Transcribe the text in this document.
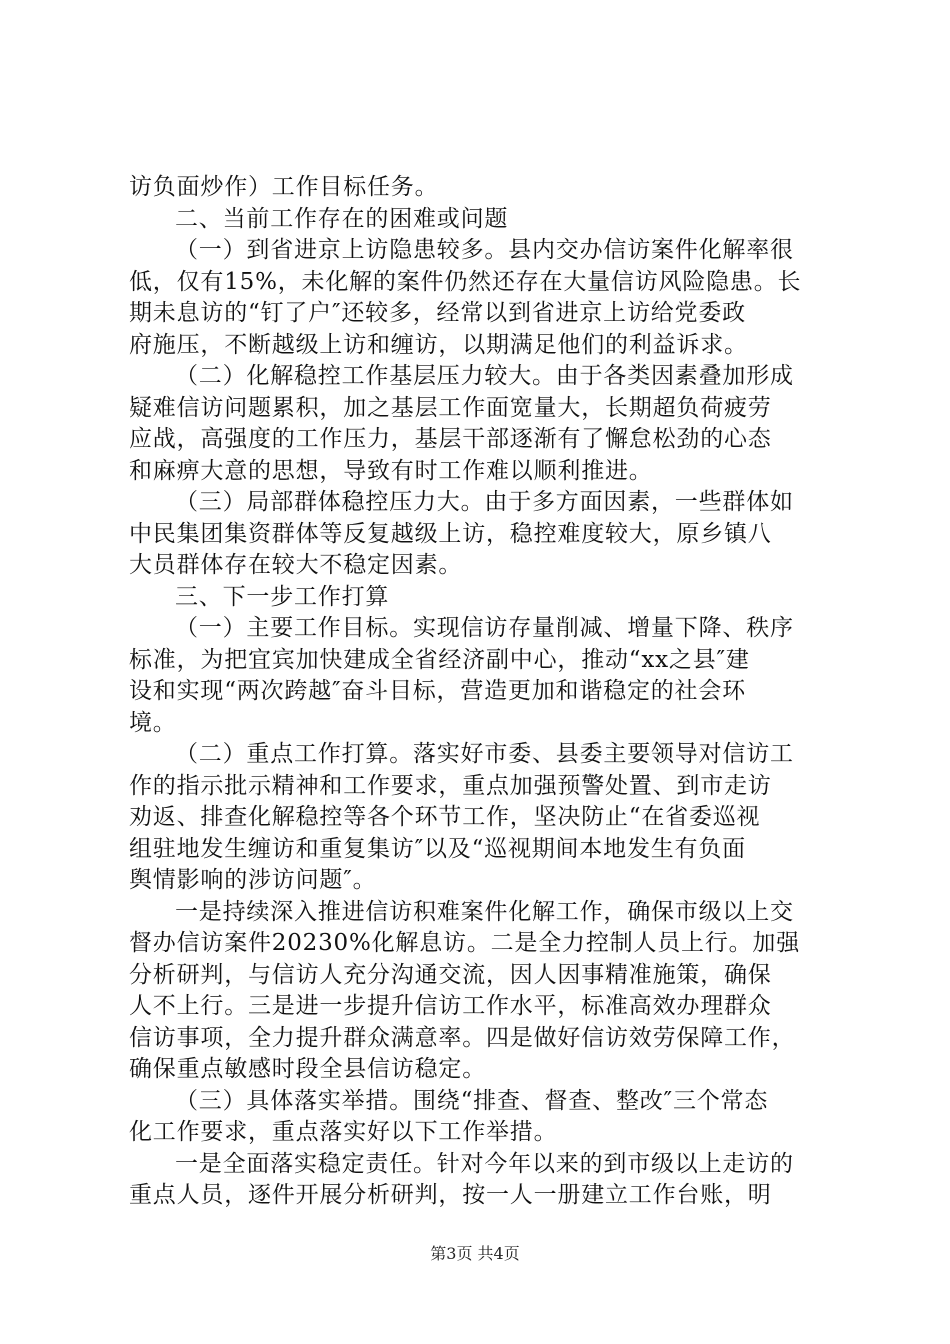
访负面炒作）工作目标任务。
二、当前工作存在的困难或问题
（一）到省进京上访隐患较多。县内交办信访案件化解率很
低，仅有15%，未化解的案件仍然还存在大量信访风险隐患。长
期未息访的“钉了户″还较多，经常以到省进京上访给党委政
府施压，不断越级上访和缠访，以期满足他们的利益诉求。
（二）化解稳控工作基层压力较大。由于各类因素叠加形成
疑难信访问题累积，加之基层工作面宽量大，长期超负荷疲劳
应战，高强度的工作压力，基层干部逐渐有了懈怠松劲的心态
和麻痹大意的思想，导致有时工作难以顺利推进。
（三）局部群体稳控压力大。由于多方面因素，一些群体如
中民集团集资群体等反复越级上访，稳控难度较大，原乡镇八
大员群体存在较大不稳定因素。
三、下一步工作打算
（一）主要工作目标。实现信访存量削减、增量下降、秩序
标准，为把宜宾加快建成全省经济副中心，推动“xx之县″建
设和实现“两次跨越″奋斗目标，营造更加和谐稳定的社会环
境。
（二）重点工作打算。落实好市委、县委主要领导对信访工
作的指示批示精神和工作要求，重点加强预警处置、到市走访
劝返、排查化解稳控等各个环节工作，坚决防止“在省委巡视
组驻地发生缠访和重复集访″以及“巡视期间本地发生有负面
舆情影响的涉访问题″。
一是持续深入推进信访积难案件化解工作，确保市级以上交
督办信访案件20230%化解息访。二是全力控制人员上行。加强
分析研判，与信访人充分沟通交流，因人因事精准施策，确保
人不上行。三是进一步提升信访工作水平，标准高效办理群众
信访事项，全力提升群众满意率。四是做好信访效劳保障工作，
确保重点敏感时段全县信访稳定。
（三）具体落实举措。围绕“排查、督查、整改″三个常态
化工作要求，重点落实好以下工作举措。
一是全面落实稳定责任。针对今年以来的到市级以上走访的
重点人员，逐件开展分析研判，按一人一册建立工作台账，明
第3页 共4页
